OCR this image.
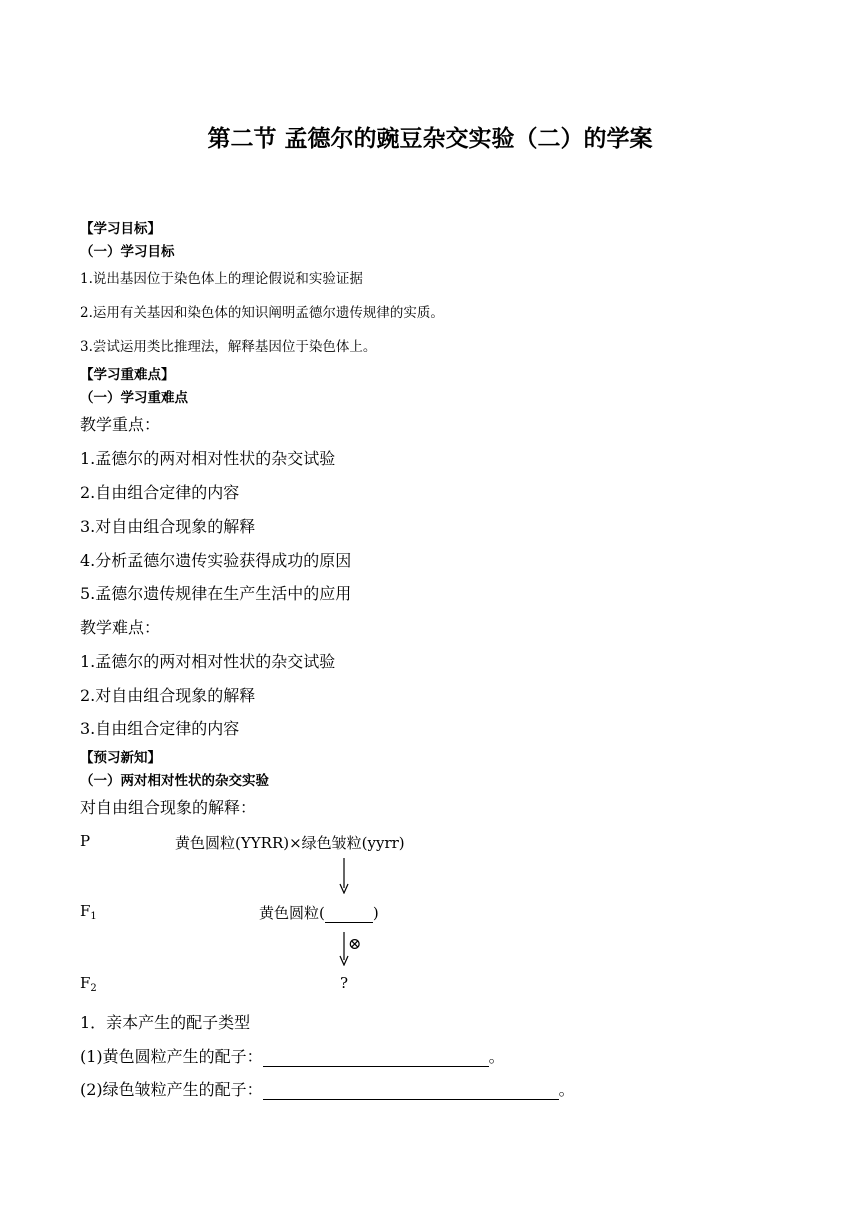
第二节 孟德尔的豌豆杂交实验（二）的学案
【学习目标】
（一）学习目标
1.说出基因位于染色体上的理论假说和实验证据
2.运用有关基因和染色体的知识阐明孟德尔遗传规律的实质。
3.尝试运用类比推理法，解释基因位于染色体上。
【学习重难点】
（一）学习重难点
教学重点：
1.孟德尔的两对相对性状的杂交试验
2.自由组合定律的内容
3.对自由组合现象的解释
4.分析孟德尔遗传实验获得成功的原因
5.孟德尔遗传规律在生产生活中的应用
教学难点：
1.孟德尔的两对相对性状的杂交试验
2.对自由组合现象的解释
3.自由组合定律的内容
【预习新知】
（一）两对相对性状的杂交实验
对自由组合现象的解释：
P	黄色圆粒(YYRR)×绿色皱粒(yyrr)
$F_1$	黄色圆粒(	)
⊗
$F_2$	?
1．亲本产生的配子类型
(1)黄色圆粒产生的配子：	。
(2)绿色皱粒产生的配子：	。
